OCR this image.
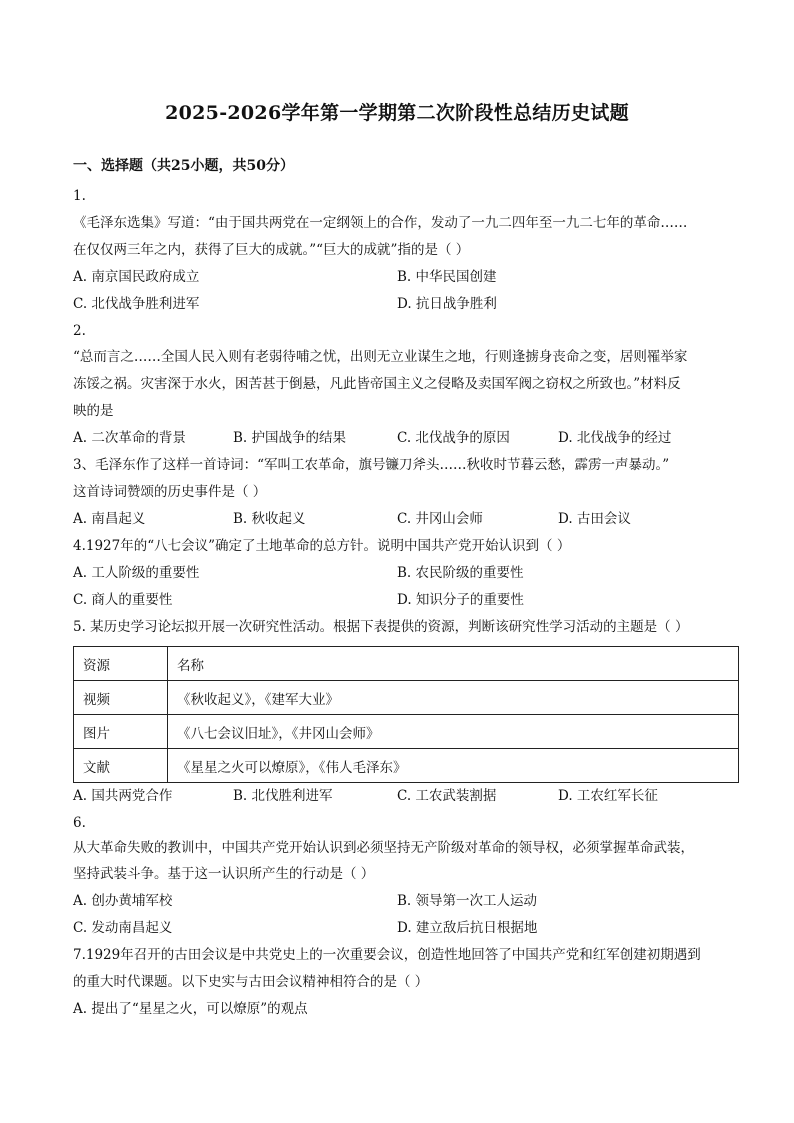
2025-2026学年第一学期第二次阶段性总结历史试题
一、选择题（共25小题，共50分）
1.
《毛泽东选集》写道：“由于国共两党在一定纲领上的合作，发动了一九二四年至一九二七年的革命……
在仅仅两三年之内，获得了巨大的成就。”“巨大的成就”指的是（ ）
A. 南京国民政府成立	B. 中华民国创建
C. 北伐战争胜利进军	D. 抗日战争胜利
2.
“总而言之……全国人民入则有老弱待哺之忧，出则无立业谋生之地，行则逢掳身丧命之变，居则罹举家
冻馁之祸。灾害深于水火，困苦甚于倒悬，凡此皆帝国主义之侵略及卖国军阀之窃权之所致也。”材料反
映的是
A. 二次革命的背景	B. 护国战争的结果	C. 北伐战争的原因	D. 北伐战争的经过
3、毛泽东作了这样一首诗词：“军叫工农革命，旗号镰刀斧头……秋收时节暮云愁，霹雳一声暴动。”
这首诗词赞颂的历史事件是（ ）
A. 南昌起义	B. 秋收起义	C. 井冈山会师	D. 古田会议
4.1927年的“八七会议”确定了土地革命的总方针。说明中国共产党开始认识到（ ）
A. 工人阶级的重要性	B. 农民阶级的重要性
C. 商人的重要性	D. 知识分子的重要性
5. 某历史学习论坛拟开展一次研究性活动。根据下表提供的资源，判断该研究性学习活动的主题是（ ）
资源	名称
视频	《秋收起义》，《建军大业》
图片	《八七会议旧址》，《井冈山会师》
文献	《星星之火可以燎原》，《伟人毛泽东》
A. 国共两党合作	B. 北伐胜利进军	C. 工农武装割据	D. 工农红军长征
6.
从大革命失败的教训中，中国共产党开始认识到必须坚持无产阶级对革命的领导权，必须掌握革命武装，
坚持武装斗争。基于这一认识所产生的行动是（ ）
A. 创办黄埔军校	B. 领导第一次工人运动
C. 发动南昌起义	D. 建立敌后抗日根据地
7.1929年召开的古田会议是中共党史上的一次重要会议，创造性地回答了中国共产党和红军创建初期遇到
的重大时代课题。以下史实与古田会议精神相符合的是（ ）
A. 提出了“星星之火，可以燎原”的观点
